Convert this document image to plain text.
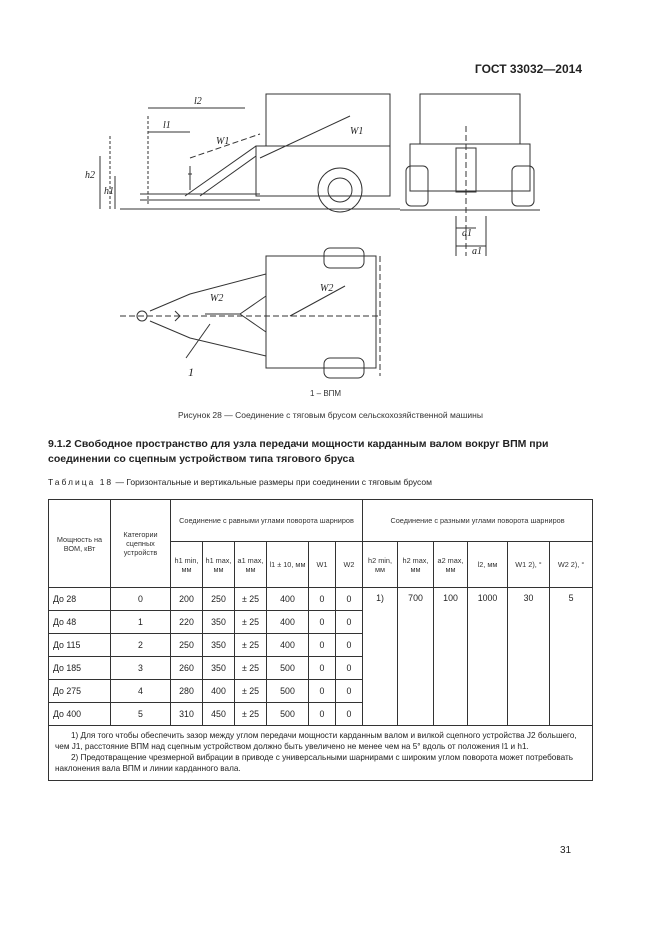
ГОСТ 33032—2014
l2
l1
h2
h1
W1
W1
a1
a1
W2
W2
1
1 – ВПМ
Рисунок 28 — Соединение с тяговым брусом сельскохозяйственной машины
9.1.2 Свободное пространство для узла передачи мощности карданным валом вокруг ВПМ при соединении со сцепным устройством типа тягового бруса
Таблица 18 — Горизонтальные и вертикальные размеры при соединении с тяговым брусом
Мощность на ВОМ, кВт	Категории сцепных устройств	Соединение с равными углами поворота шарниров						Соединение с разными углами поворота шарниров					
		h1 min, мм	h1 max, мм	a1 max, мм	l1 ± 10, мм	W1	W2	h2 min, мм	h2 max, мм	a2 max, мм	l2, мм	W1 2), °	W2 2), °
До 28	0	200	250	± 25	400	0	0	1)	700	100	1000	30	5
До 48	1	220	350	± 25	400	0	0						
До 115	2	250	350	± 25	400	0	0						
До 185	3	260	350	± 25	500	0	0						
До 275	4	280	400	± 25	500	0	0						
До 400	5	310	450	± 25	500	0	0						

1) Для того чтобы обеспечить зазор между углом передачи мощности карданным валом и вилкой сцепного устройства J2 большего, чем J1, расстояние ВПМ над сцепным устройством должно быть увеличено не менее чем на 5° вдоль от положения l1 и h1.

2) Предотвращение чрезмерной вибрации в приводе с универсальными шарнирами с широким углом поворота может потребовать наклонения вала ВПМ и линии карданного вала.													

31
